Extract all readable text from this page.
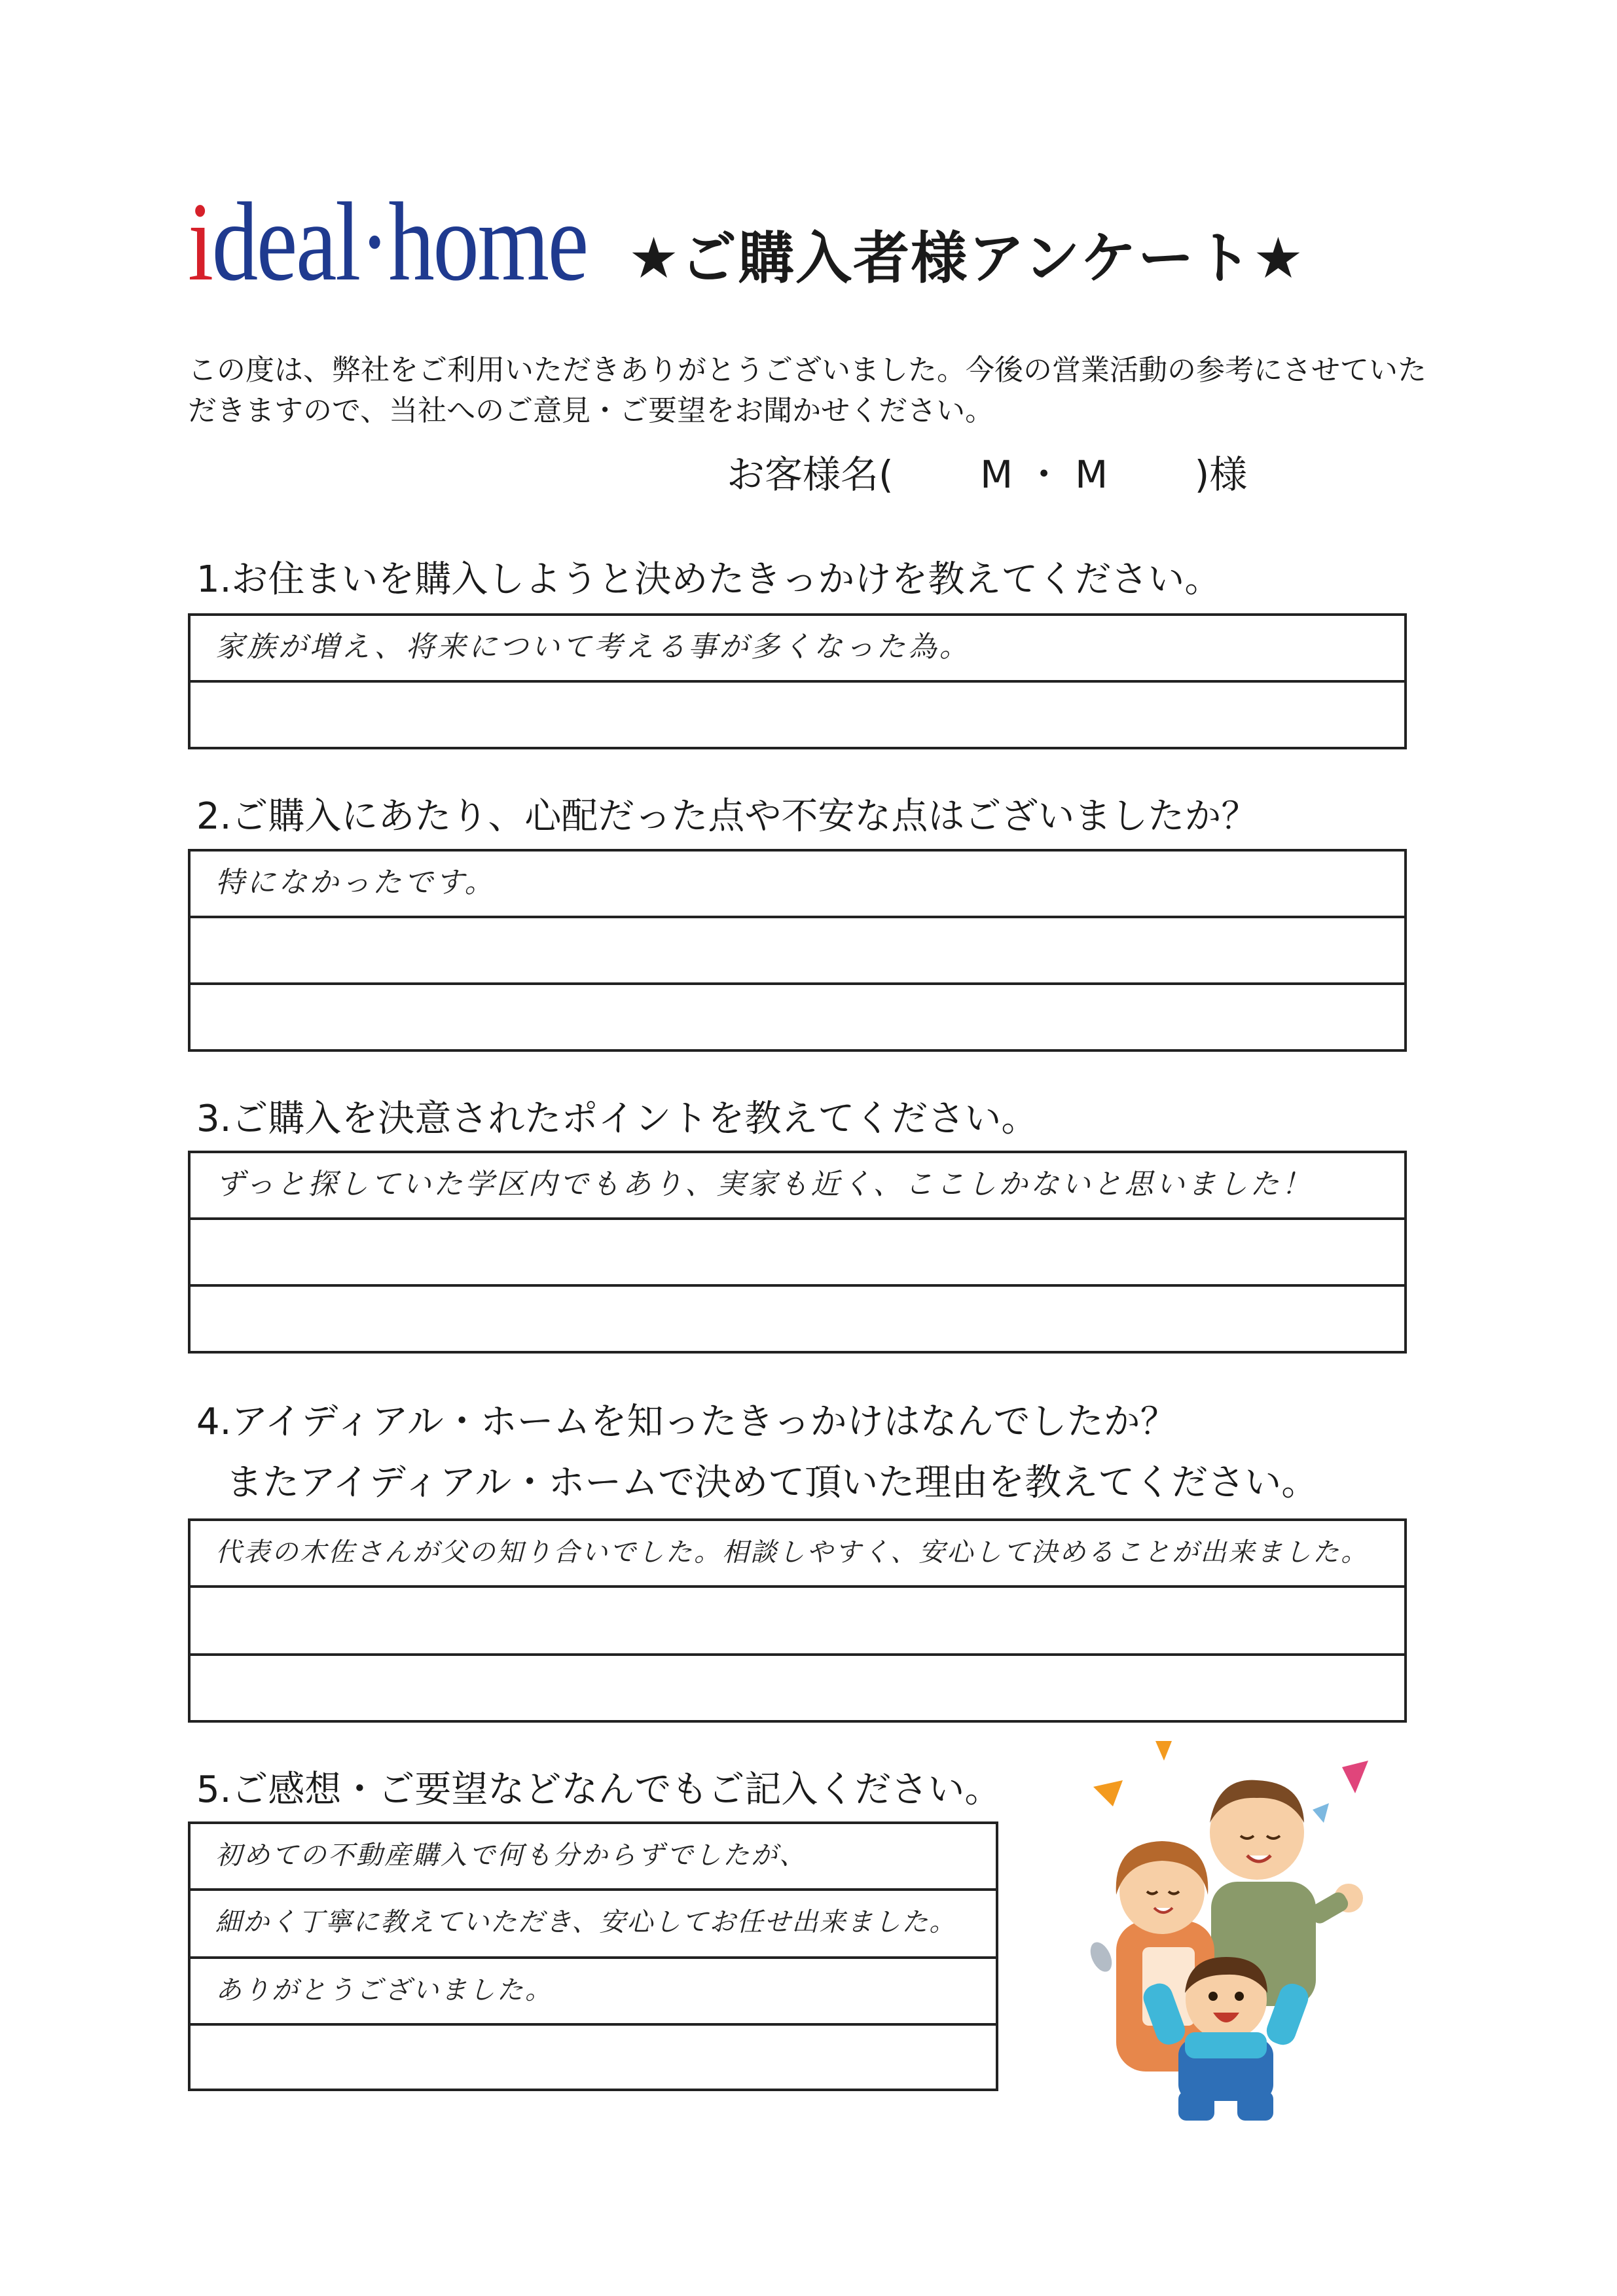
ideal·home ★ご購入者様アンケート★
この度は、弊社をご利用いただきありがとうございました。今後の営業活動の参考にさせていただきますので、当社へのご意見・ご要望をお聞かせください。
お客様名( M ・ M )様
1.お住まいを購入しようと決めたきっかけを教えてください。
家族が増え、将来について考える事が多くなった為。
2.ご購入にあたり、心配だった点や不安な点はございましたか？
特になかったです。
3.ご購入を決意されたポイントを教えてください。
ずっと探していた学区内でもあり、実家も近く、ここしかないと思いました！
4.アイディアル・ホームを知ったきっかけはなんでしたか？
またアイディアル・ホームで決めて頂いた理由を教えてください。
代表の木佐さんが父の知り合いでした。相談しやすく、安心して決めることが出来ました。
5.ご感想・ご要望などなんでもご記入ください。
初めての不動産購入で何も分からずでしたが、
細かく丁寧に教えていただき、安心してお任せ出来ました。
ありがとうございました。
